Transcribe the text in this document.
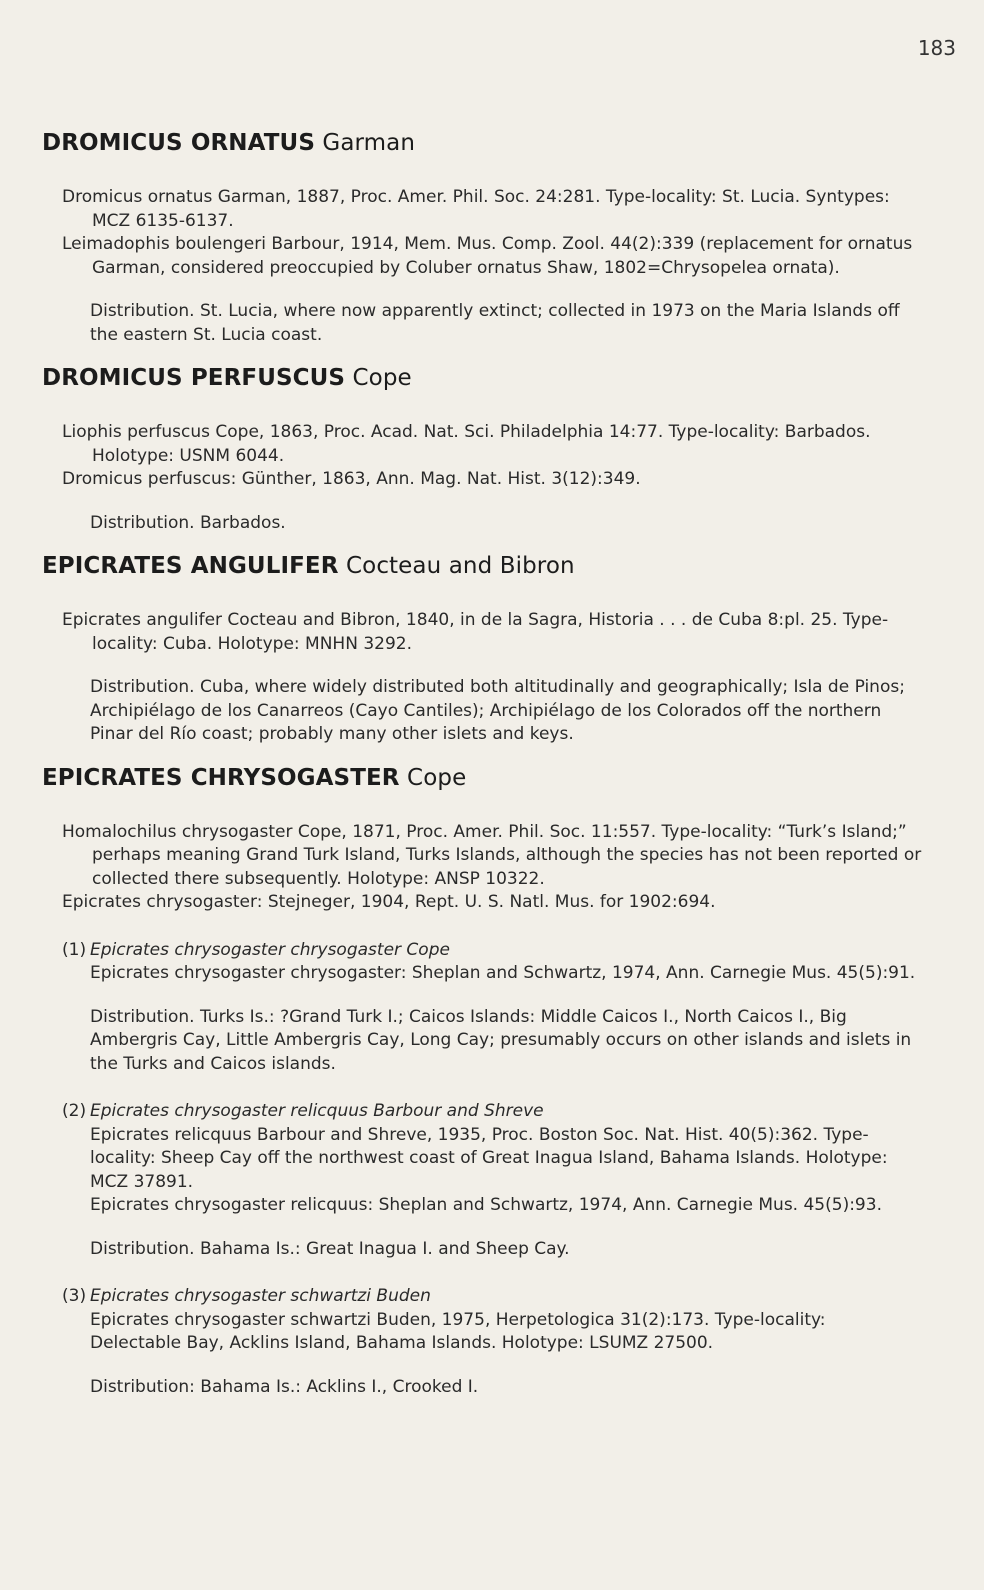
183
DROMICUS ORNATUS Garman

Dromicus ornatus Garman, 1887, Proc. Amer. Phil. Soc. 24:281. Type-locality: St. Lucia. Syntypes: MCZ 6135-6137.

Leimadophis boulengeri Barbour, 1914, Mem. Mus. Comp. Zool. 44(2):339 (replacement for ornatus Garman, considered preoccupied by Coluber ornatus Shaw, 1802=Chrysopelea ornata).

Distribution. St. Lucia, where now apparently extinct; collected in 1973 on the Maria Islands off the eastern St. Lucia coast.

DROMICUS PERFUSCUS Cope

Liophis perfuscus Cope, 1863, Proc. Acad. Nat. Sci. Philadelphia 14:77. Type-locality: Barbados. Holotype: USNM 6044.

Dromicus perfuscus: Günther, 1863, Ann. Mag. Nat. Hist. 3(12):349.

Distribution. Barbados.

EPICRATES ANGULIFER Cocteau and Bibron

Epicrates angulifer Cocteau and Bibron, 1840, in de la Sagra, Historia . . . de Cuba 8:pl. 25. Type-locality: Cuba. Holotype: MNHN 3292.

Distribution. Cuba, where widely distributed both altitudinally and geographically; Isla de Pinos; Archipiélago de los Canarreos (Cayo Cantiles); Archipiélago de los Colorados off the northern Pinar del Río coast; probably many other islets and keys.

EPICRATES CHRYSOGASTER Cope

Homalochilus chrysogaster Cope, 1871, Proc. Amer. Phil. Soc. 11:557. Type-locality: “Turk’s Island;” perhaps meaning Grand Turk Island, Turks Islands, although the species has not been reported or collected there subsequently. Holotype: ANSP 10322.

Epicrates chrysogaster: Stejneger, 1904, Rept. U. S. Natl. Mus. for 1902:694.

(1) Epicrates chrysogaster chrysogaster Cope

Epicrates chrysogaster chrysogaster: Sheplan and Schwartz, 1974, Ann. Carnegie Mus. 45(5):91.

Distribution. Turks Is.: ?Grand Turk I.; Caicos Islands: Middle Caicos I., North Caicos I., Big Ambergris Cay, Little Ambergris Cay, Long Cay; presumably occurs on other islands and islets in the Turks and Caicos islands.

(2) Epicrates chrysogaster relicquus Barbour and Shreve

Epicrates relicquus Barbour and Shreve, 1935, Proc. Boston Soc. Nat. Hist. 40(5):362. Type-locality: Sheep Cay off the northwest coast of Great Inagua Island, Bahama Islands. Holotype: MCZ 37891.

Epicrates chrysogaster relicquus: Sheplan and Schwartz, 1974, Ann. Carnegie Mus. 45(5):93.

Distribution. Bahama Is.: Great Inagua I. and Sheep Cay.

(3) Epicrates chrysogaster schwartzi Buden

Epicrates chrysogaster schwartzi Buden, 1975, Herpetologica 31(2):173. Type-locality: Delectable Bay, Acklins Island, Bahama Islands. Holotype: LSUMZ 27500.

Distribution: Bahama Is.: Acklins I., Crooked I.
